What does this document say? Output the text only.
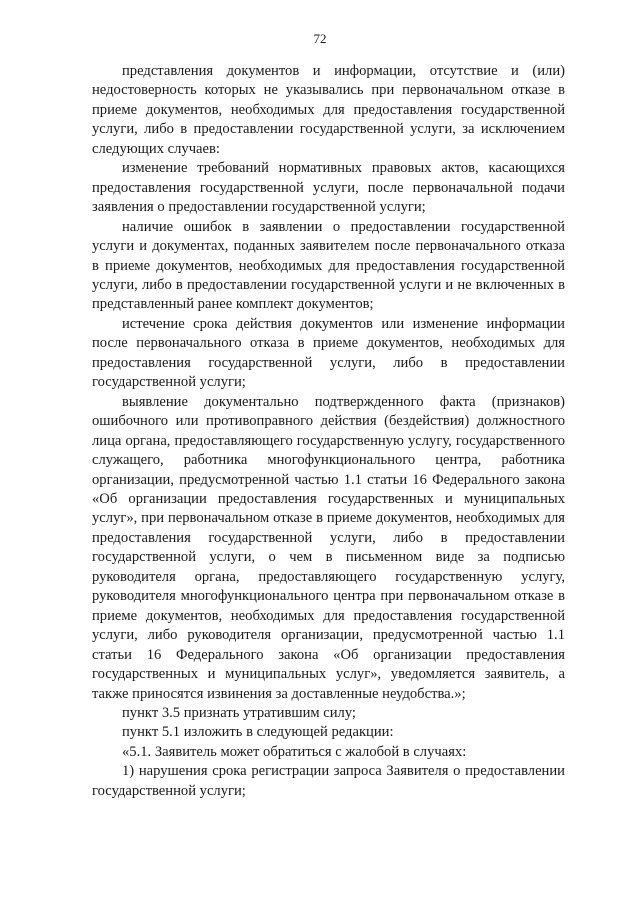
72

представления документов и информации, отсутствие и (или) недостоверность которых не указывались при первоначальном отказе в приеме документов, необходимых для предоставления государственной услуги, либо в предоставлении государственной услуги, за исключением следующих случаев:

изменение требований нормативных правовых актов, касающихся предоставления государственной услуги, после первоначальной подачи заявления о предоставлении государственной услуги;

наличие ошибок в заявлении о предоставлении государственной услуги и документах, поданных заявителем после первоначального отказа в приеме документов, необходимых для предоставления государственной услуги, либо в предоставлении государственной услуги и не включенных в представленный ранее комплект документов;

истечение срока действия документов или изменение информации после первоначального отказа в приеме документов, необходимых для предоставления государственной услуги, либо в предоставлении государственной услуги;

выявление документально подтвержденного факта (признаков) ошибочного или противоправного действия (бездействия) должностного лица органа, предоставляющего государственную услугу, государственного служащего, работника многофункционального центра, работника организации, предусмотренной частью 1.1 статьи 16 Федерального закона «Об организации предоставления государственных и муниципальных услуг», при первоначальном отказе в приеме документов, необходимых для предоставления государственной услуги, либо в предоставлении государственной услуги, о чем в письменном виде за подписью руководителя органа, предоставляющего государственную услугу, руководителя многофункционального центра при первоначальном отказе в приеме документов, необходимых для предоставления государственной услуги, либо руководителя организации, предусмотренной частью 1.1 статьи 16 Федерального закона «Об организации предоставления государственных и муниципальных услуг», уведомляется заявитель, а также приносятся извинения за доставленные неудобства.»;

пункт 3.5 признать утратившим силу;

пункт 5.1 изложить в следующей редакции:

«5.1. Заявитель может обратиться с жалобой в случаях:

1) нарушения срока регистрации запроса Заявителя о предоставлении государственной услуги;
